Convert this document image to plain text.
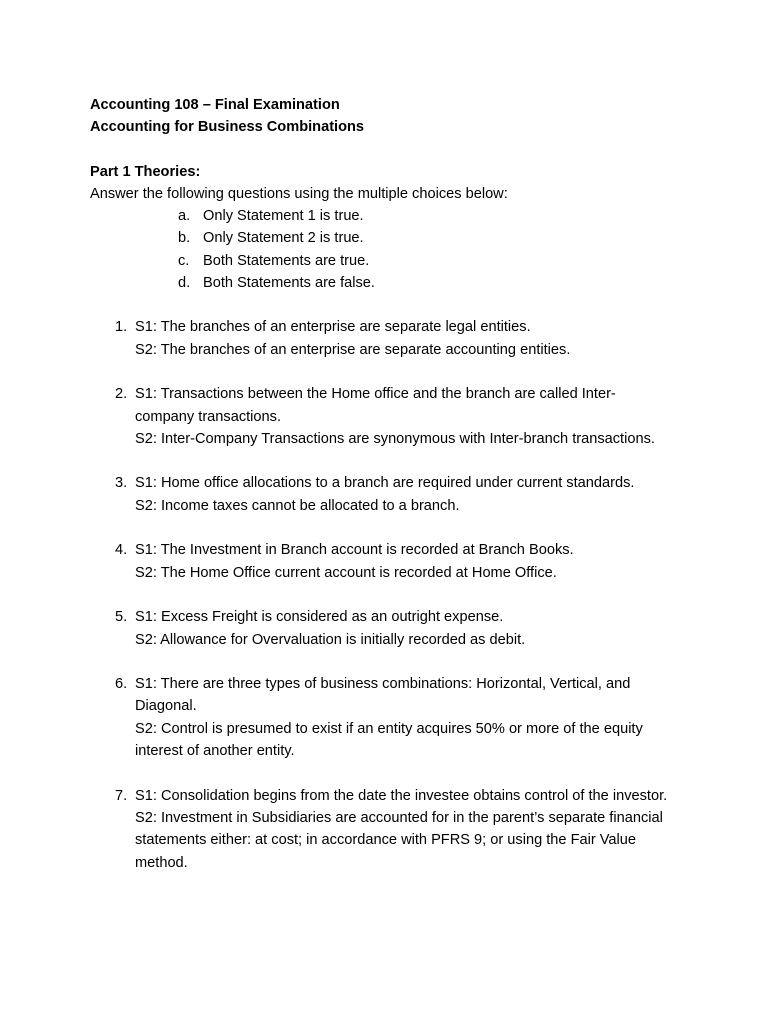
Accounting 108 – Final Examination
Accounting for Business Combinations
Part 1 Theories:
Answer the following questions using the multiple choices below:
a. Only Statement 1 is true.
b. Only Statement 2 is true.
c. Both Statements are true.
d. Both Statements are false.
1. S1: The branches of an enterprise are separate legal entities.
S2: The branches of an enterprise are separate accounting entities.
2. S1: Transactions between the Home office and the branch are called Inter-company transactions.
S2: Inter-Company Transactions are synonymous with Inter-branch transactions.
3. S1: Home office allocations to a branch are required under current standards.
S2: Income taxes cannot be allocated to a branch.
4. S1: The Investment in Branch account is recorded at Branch Books.
S2: The Home Office current account is recorded at Home Office.
5. S1: Excess Freight is considered as an outright expense.
S2: Allowance for Overvaluation is initially recorded as debit.
6. S1: There are three types of business combinations: Horizontal, Vertical, and Diagonal.
S2: Control is presumed to exist if an entity acquires 50% or more of the equity interest of another entity.
7. S1: Consolidation begins from the date the investee obtains control of the investor.
S2: Investment in Subsidiaries are accounted for in the parent’s separate financial statements either: at cost; in accordance with PFRS 9; or using the Fair Value method.
